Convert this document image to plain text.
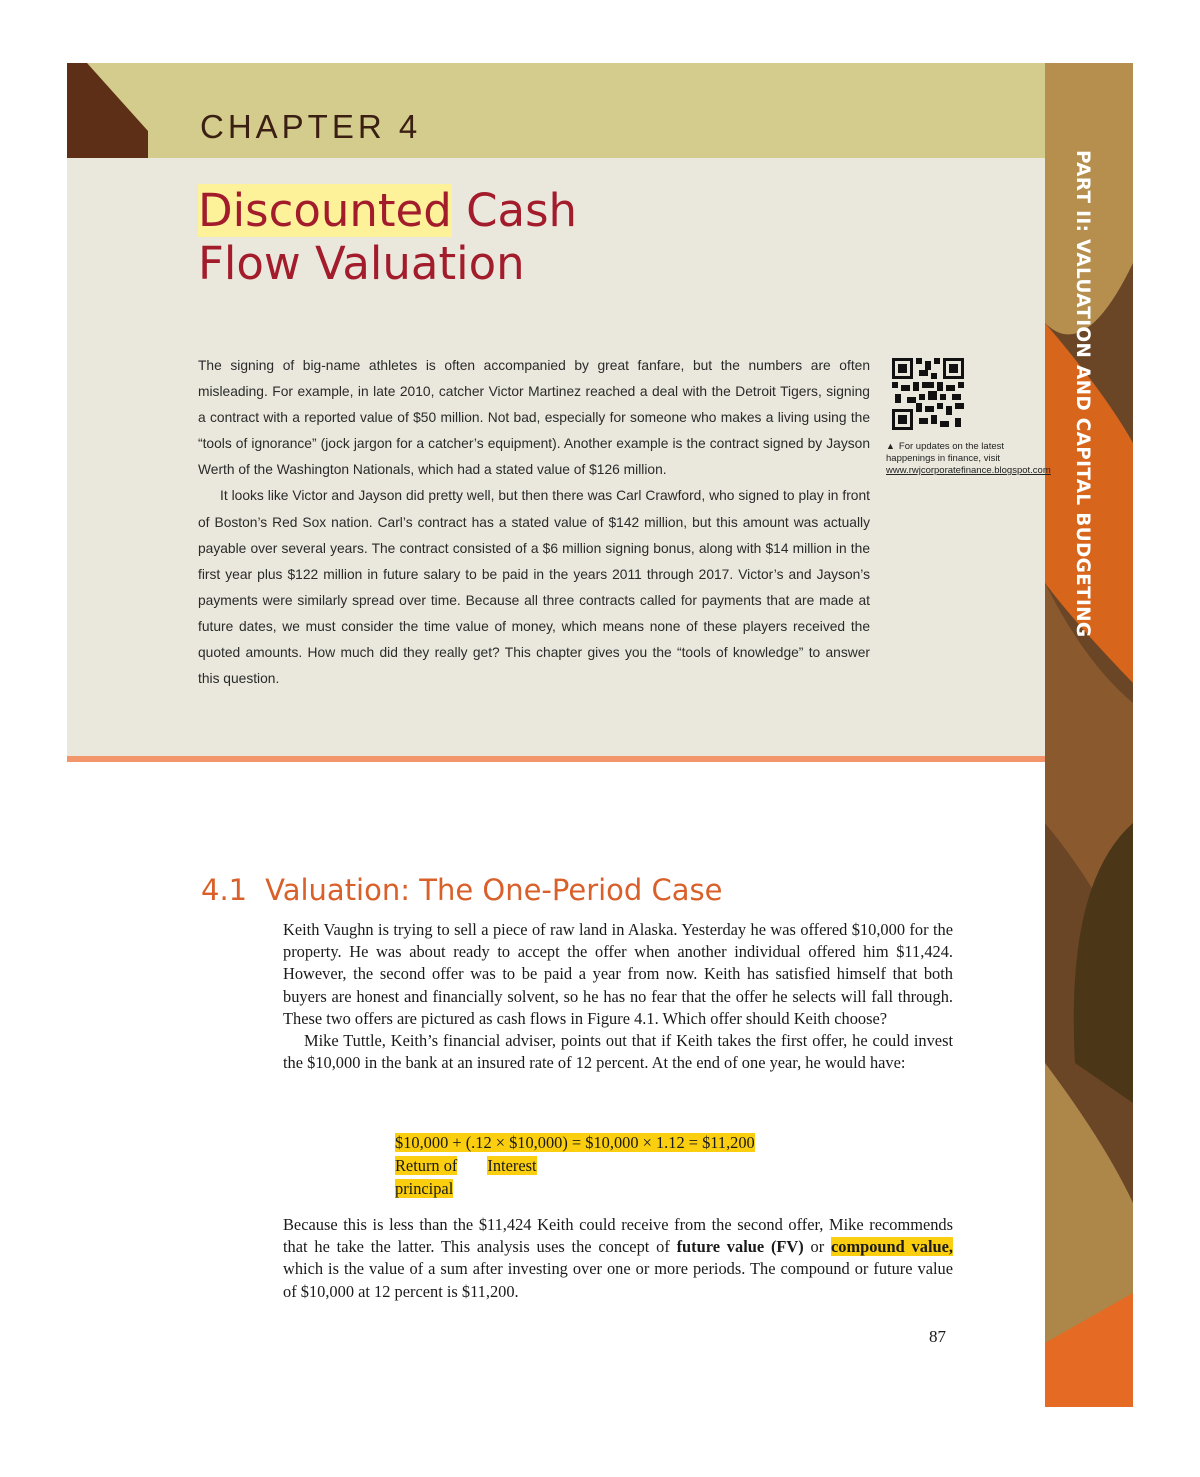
PART II: VALUATION AND CAPITAL BUDGETING
CHAPTER 4
Discounted Cash
Flow Valuation

The signing of big-name athletes is often accompanied by great fanfare, but the numbers are often misleading. For example, in late 2010, catcher Victor Martinez reached a deal with the Detroit Tigers, signing a contract with a reported value of $50 million. Not bad, especially for someone who makes a living using the “tools of ignorance” (jock jargon for a catcher’s equipment). Another example is the contract signed by Jayson Werth of the Washington Nationals, which had a stated value of $126 million.

It looks like Victor and Jayson did pretty well, but then there was Carl Crawford, who signed to play in front of Boston’s Red Sox nation. Carl’s contract has a stated value of $142 million, but this amount was actually payable over several years. The contract consisted of a $6 million signing bonus, along with $14 million in the first year plus $122 million in future salary to be paid in the years 2011 through 2017. Victor’s and Jayson’s payments were similarly spread over time. Because all three contracts called for payments that are made at future dates, we must consider the time value of money, which means none of these players received the quoted amounts. How much did they really get? This chapter gives you the “tools of knowledge” to answer this question.

▲ For updates on the latest happenings in finance, visit www.rwjcorporatefinance.blogspot.com
4.1 Valuation: The One-Period Case

Keith Vaughn is trying to sell a piece of raw land in Alaska. Yesterday he was offered $10,000 for the property. He was about ready to accept the offer when another individual offered him $11,424. However, the second offer was to be paid a year from now. Keith has satisfied himself that both buyers are honest and financially solvent, so he has no fear that the offer he selects will fall through. These two offers are pictured as cash flows in Figure 4.1. Which offer should Keith choose?

Mike Tuttle, Keith’s financial adviser, points out that if Keith takes the first offer, he could invest the $10,000 in the bank at an insured rate of 12 percent. At the end of one year, he would have:

$10,000 + (.12 × $10,000) = $10,000 × 1.12 = $11,200
Return of Interest
principal

Because this is less than the $11,424 Keith could receive from the second offer, Mike recommends that he take the latter. This analysis uses the concept of future value (FV) or compound value, which is the value of a sum after investing over one or more periods. The compound or future value of $10,000 at 12 percent is $11,200.

87
